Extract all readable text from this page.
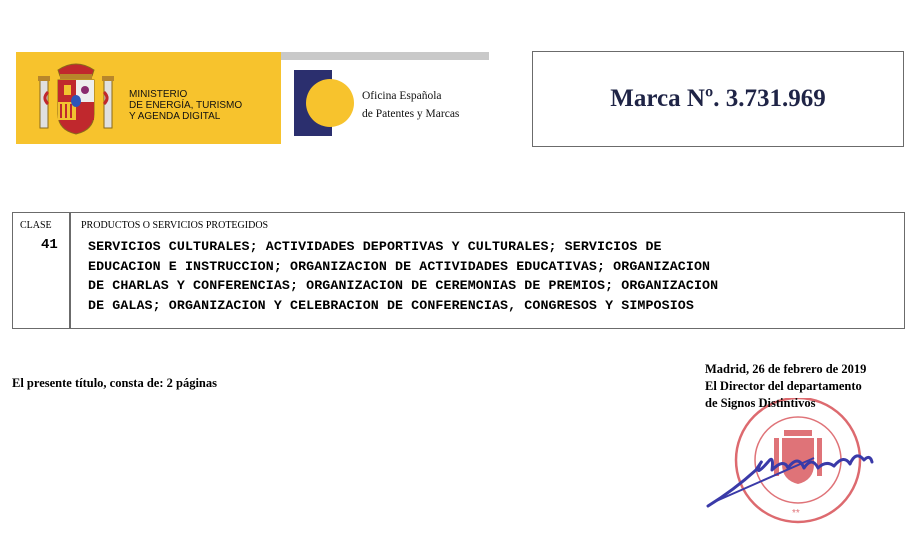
MINISTERIO
DE ENERGÍA, TURISMO
Y AGENDA DIGITAL
Oficina Española
de Patentes y Marcas
Marca Nº. 3.731.969
CLASE
41
PRODUCTOS O SERVICIOS PROTEGIDOS
SERVICIOS CULTURALES; ACTIVIDADES DEPORTIVAS Y CULTURALES; SERVICIOS DE
EDUCACION E INSTRUCCION; ORGANIZACION DE ACTIVIDADES EDUCATIVAS; ORGANIZACION
DE CHARLAS Y CONFERENCIAS; ORGANIZACION DE CEREMONIAS DE PREMIOS; ORGANIZACION
DE GALAS; ORGANIZACION Y CELEBRACION DE CONFERENCIAS, CONGRESOS Y SIMPOSIOS
El presente título, consta de: 2 páginas
**
Madrid, 26 de febrero de 2019
El Director del departamento
de Signos Distintivos
